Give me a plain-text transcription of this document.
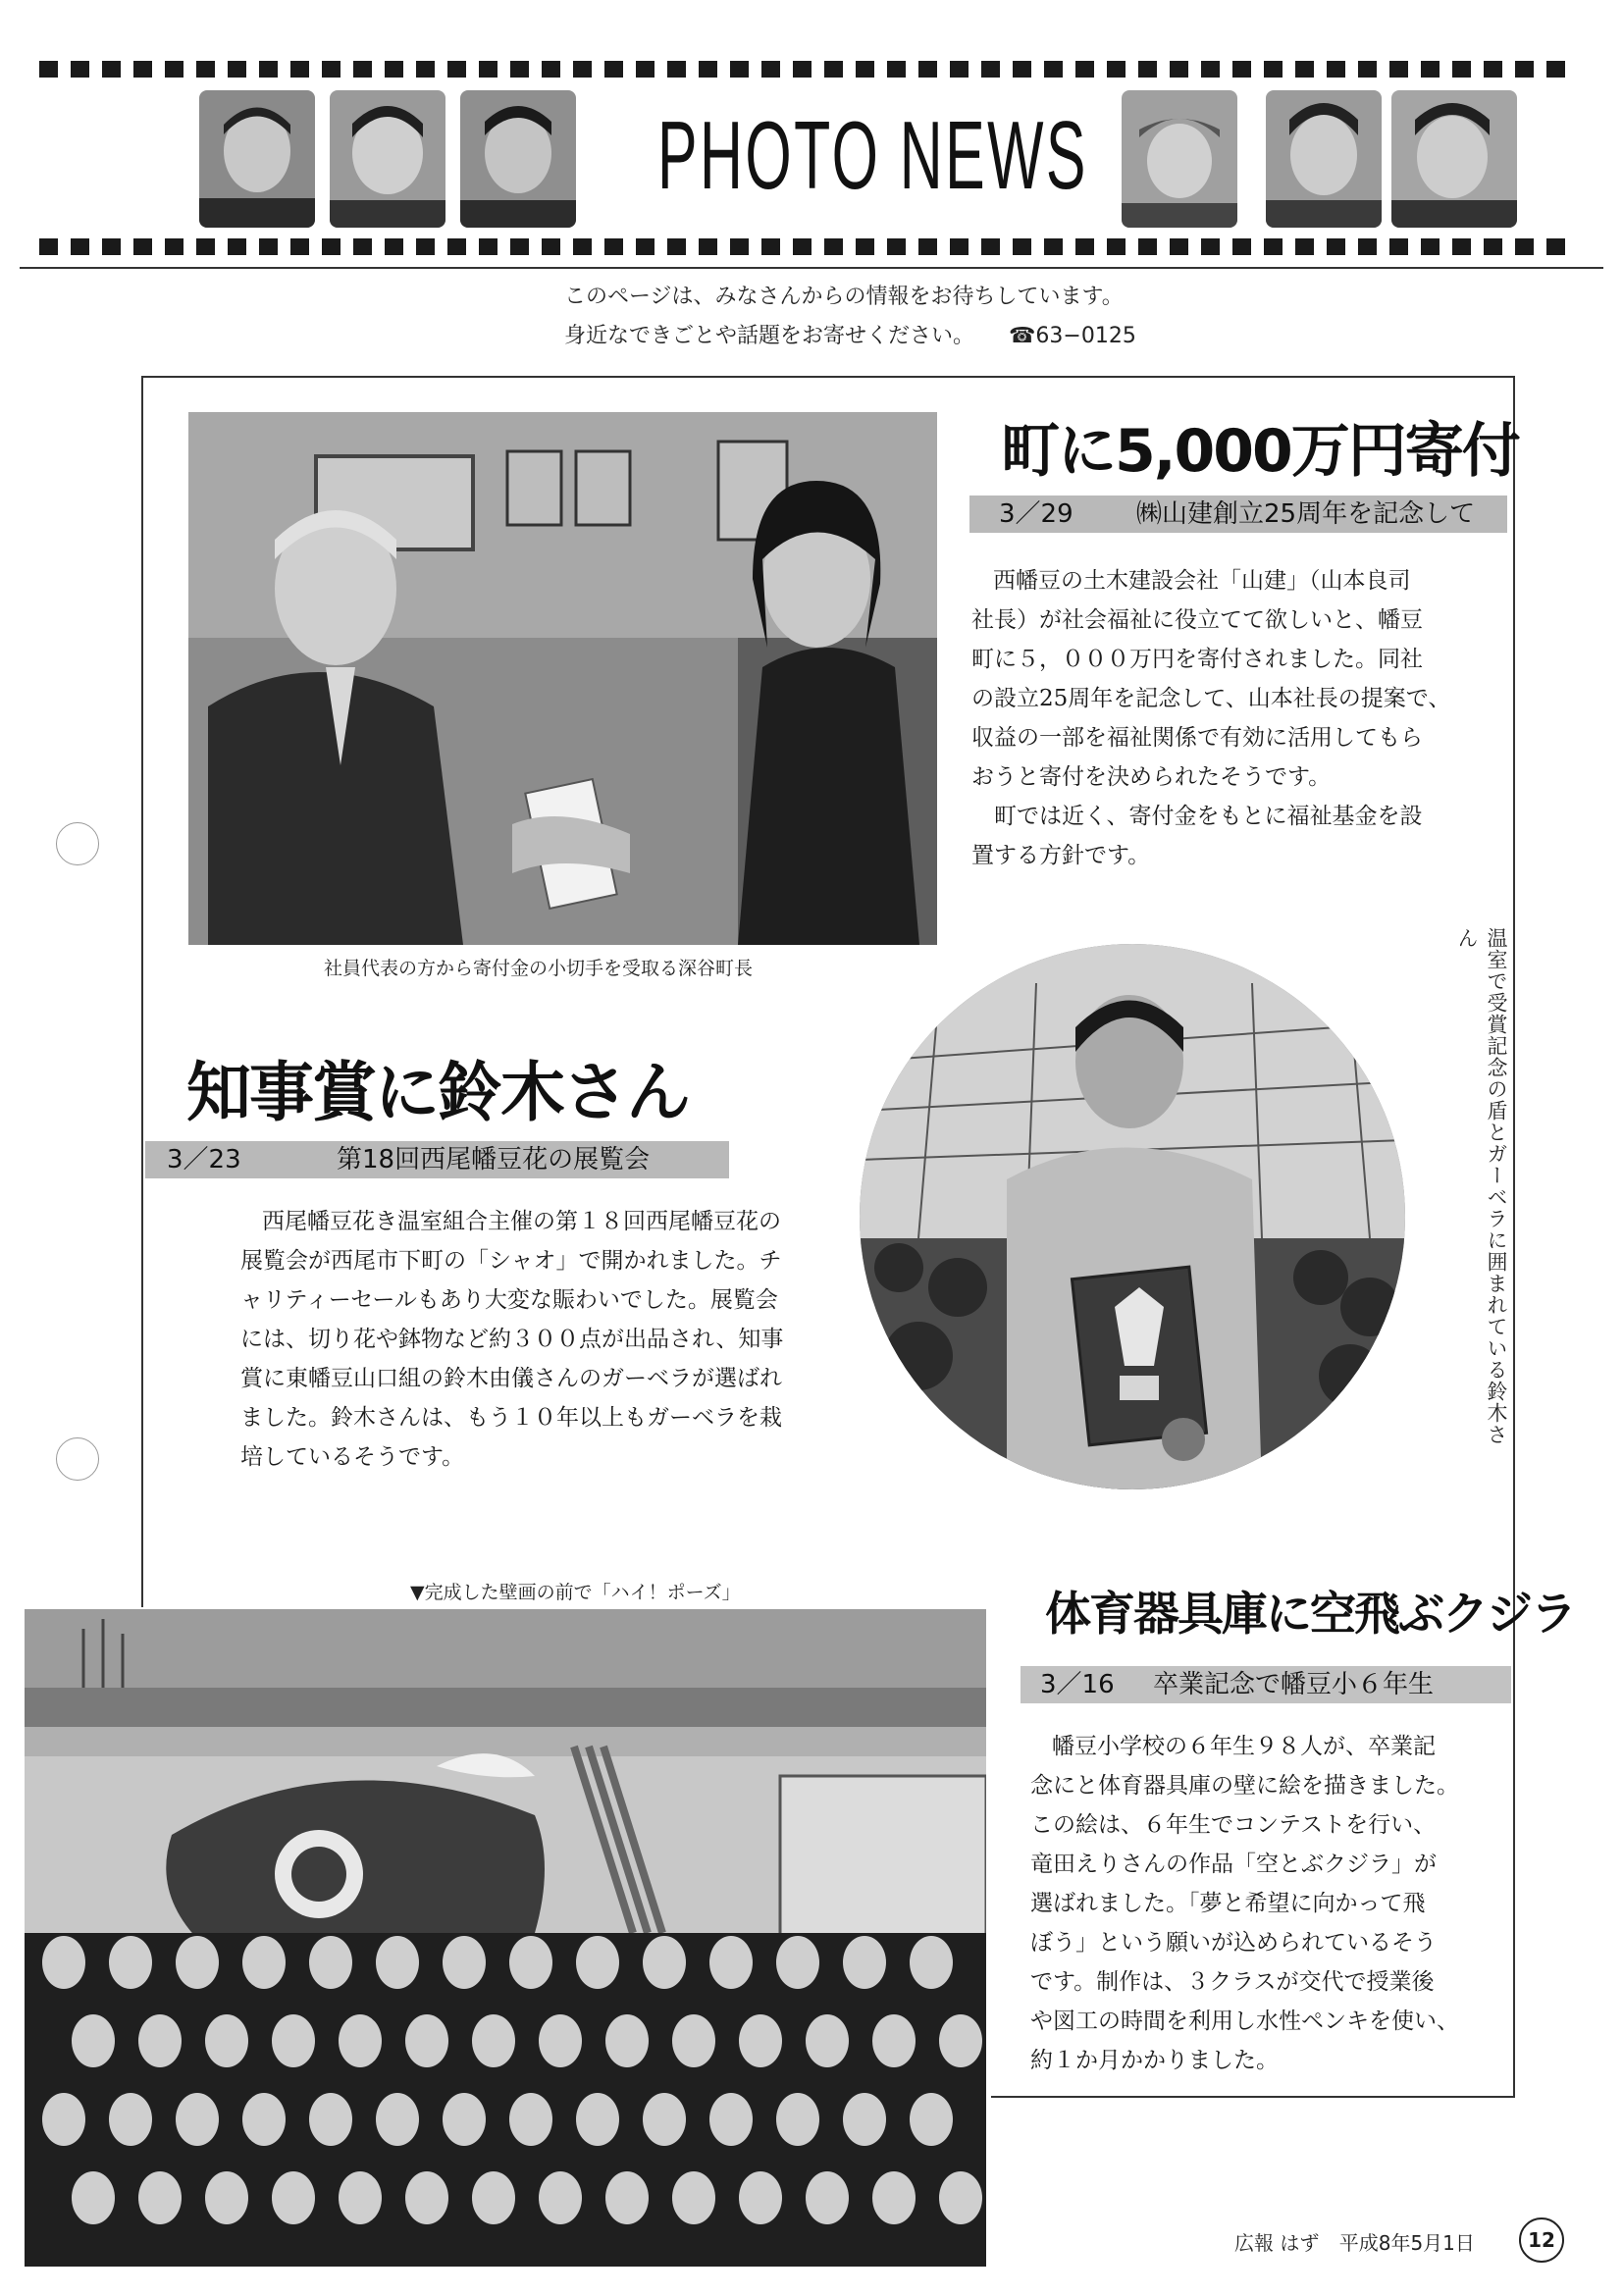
PHOTO NEWS
このページは、みなさんからの情報をお待ちしています。
身近なできごとや話題をお寄せください。 ☎63−0125
社員代表の方から寄付金の小切手を受取る深谷町長
町に5,000万円寄付
3／29 ㈱山建創立25周年を記念して

西幡豆の土木建設会社「山建」（山本良司

社長）が社会福祉に役立てて欲しいと、幡豆

町に５，０００万円を寄付されました。同社

の設立25周年を記念して、山本社長の提案で、

収益の一部を福祉関係で有効に活用してもら

おうと寄付を決められたそうです。

　町では近く、寄付金をもとに福祉基金を設

置する方針です。

知事賞に鈴木さん
3／23	第18回西尾幡豆花の展覧会

西尾幡豆花き温室組合主催の第１８回西尾幡豆花の

展覧会が西尾市下町の「シャオ」で開かれました。チ

ャリティーセールもあり大変な賑わいでした。展覧会

には、切り花や鉢物など約３００点が出品され、知事

賞に東幡豆山口組の鈴木由儀さんのガーベラが選ばれ

ました。鈴木さんは、もう１０年以上もガーベラを栽

培しているそうです。

温室で受賞記念の盾とガーベラに囲まれている鈴木さん
▼完成した壁画の前で「ハイ！ポーズ」	体育器具庫に空飛ぶクジラ
3／16 卒業記念で幡豆小６年生

幡豆小学校の６年生９８人が、卒業記

念にと体育器具庫の壁に絵を描きました。

この絵は、６年生でコンテストを行い、

竜田えりさんの作品「空とぶクジラ」が

選ばれました。「夢と希望に向かって飛

ぼう」という願いが込められているそう

です。制作は、３クラスが交代で授業後

や図工の時間を利用し水性ペンキを使い、

約１か月かかりました。

広報 はず 平成8年5月1日	12
